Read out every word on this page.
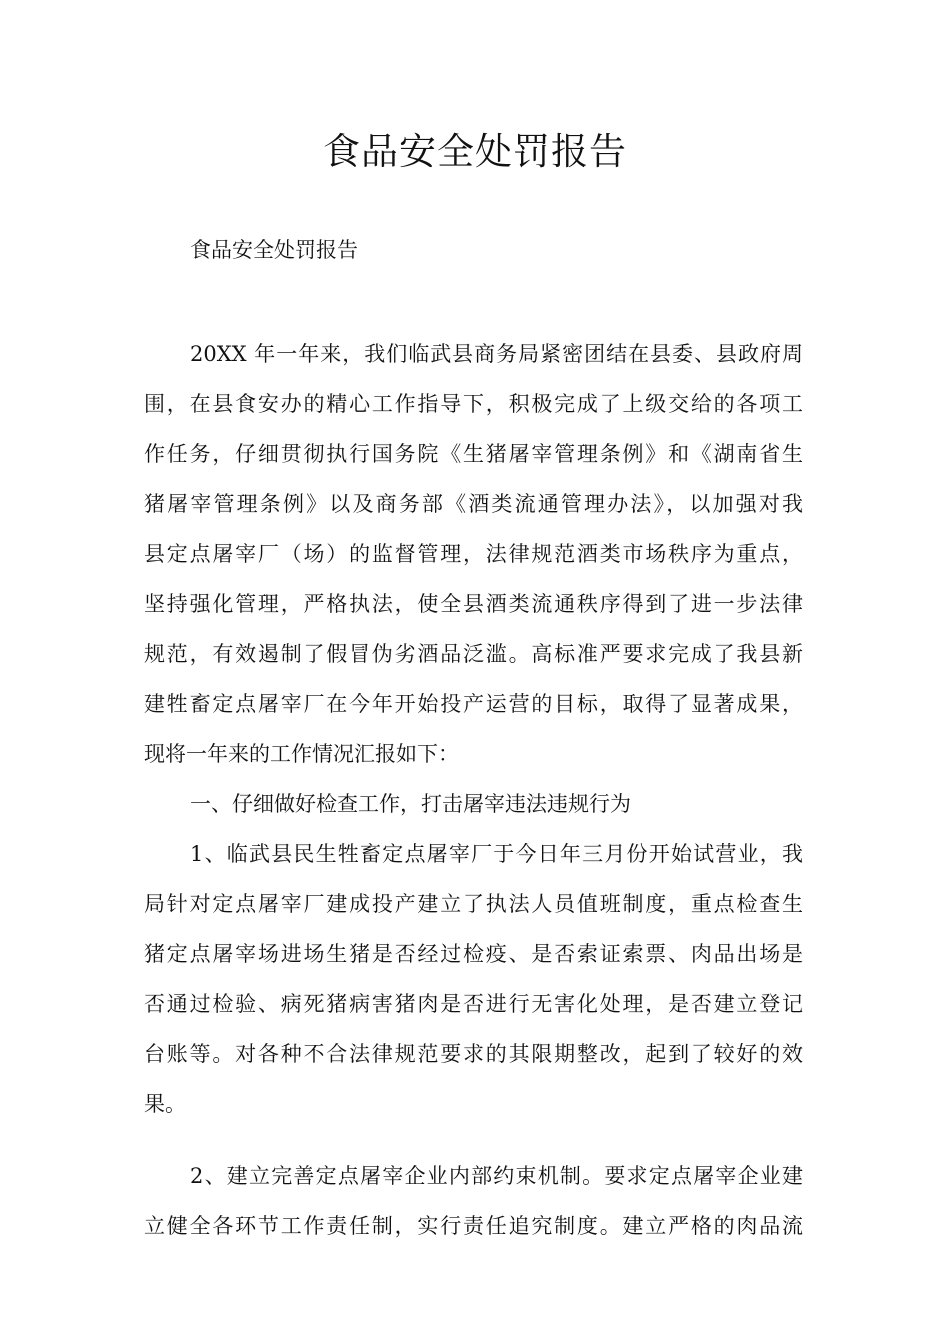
食品安全处罚报告

食品安全处罚报告

20XX 年一年来，我们临武县商务局紧密团结在县委、县政府周

围，在县食安办的精心工作指导下，积极完成了上级交给的各项工

作任务，仔细贯彻执行国务院《生猪屠宰管理条例》和《湖南省生

猪屠宰管理条例》以及商务部《酒类流通管理办法》，以加强对我

县定点屠宰厂（场）的监督管理，法律规范酒类市场秩序为重点，

坚持强化管理，严格执法，使全县酒类流通秩序得到了进一步法律

规范，有效遏制了假冒伪劣酒品泛滥。高标准严要求完成了我县新

建牲畜定点屠宰厂在今年开始投产运营的目标，取得了显著成果，

现将一年来的工作情况汇报如下：

一、仔细做好检查工作，打击屠宰违法违规行为

1、临武县民生牲畜定点屠宰厂于今日年三月份开始试营业，我

局针对定点屠宰厂建成投产建立了执法人员值班制度，重点检查生

猪定点屠宰场进场生猪是否经过检疫、是否索证索票、肉品出场是

否通过检验、病死猪病害猪肉是否进行无害化处理，是否建立登记

台账等。对各种不合法律规范要求的其限期整改，起到了较好的效

果。

2、建立完善定点屠宰企业内部约束机制。要求定点屠宰企业建

立健全各环节工作责任制，实行责任追究制度。建立严格的肉品流
